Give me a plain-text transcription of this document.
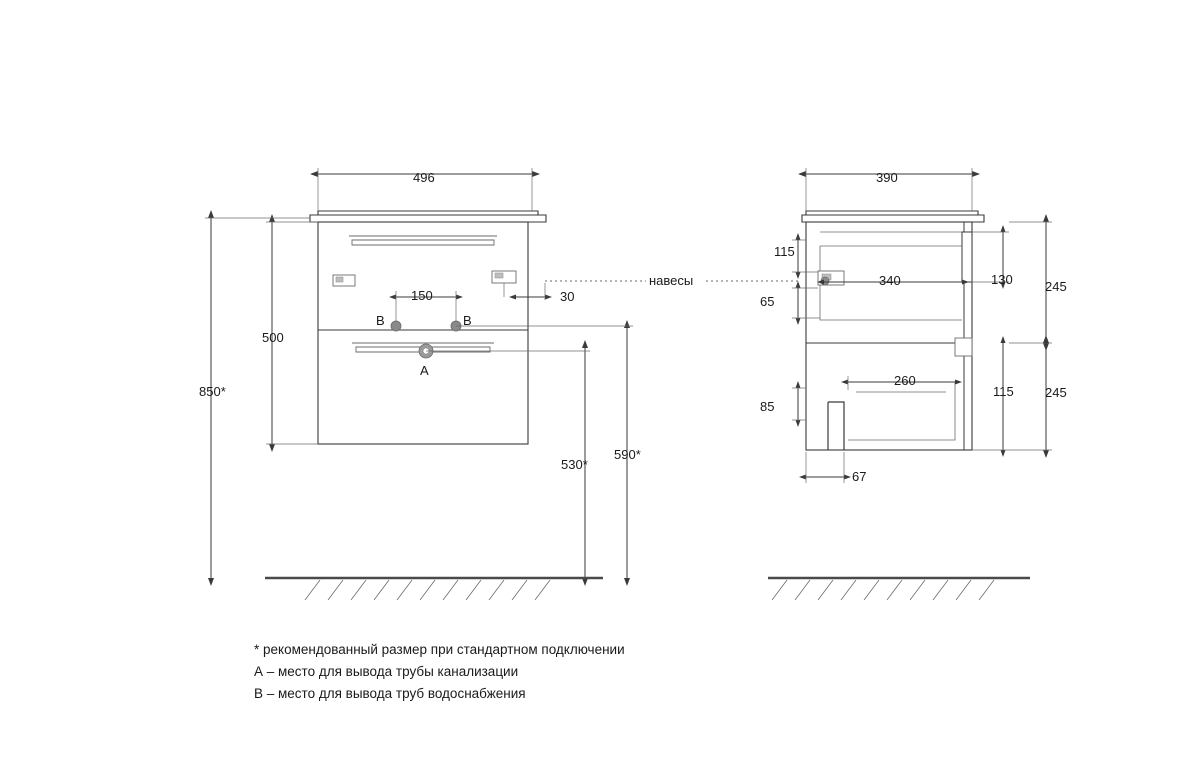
496
500
850*
150	30
530*
590*
B	B
A
навесы
390
115
65
340	130 245
260
115 245
85
67
* рекомендованный размер при стандартном подключении
А – место для вывода трубы канализации
В – место для вывода труб водоснабжения
